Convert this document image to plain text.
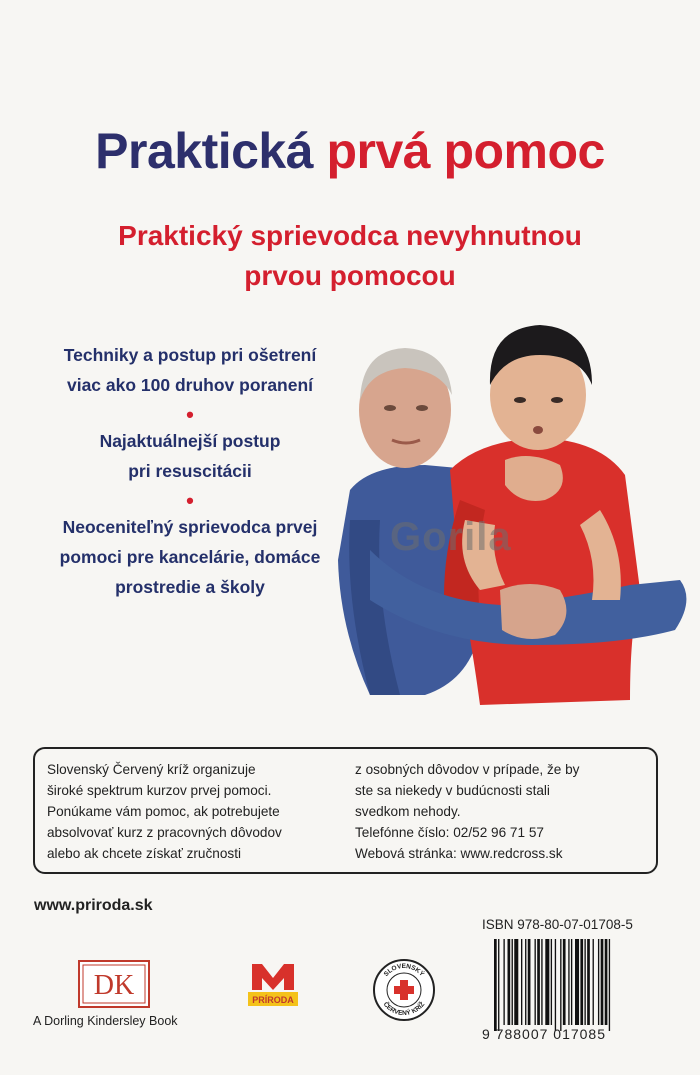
Praktická prvá pomoc
Praktický sprievodca nevyhnutnou
prvou pomocou
Techniky a postup pri ošetrení
viac ako 100 druhov poranení
•
Najaktuálnejší postup
pri resuscitácii
•
Neoceniteľný sprievodca prvej
pomoci pre kancelárie, domáce
prostredie a školy
Gorila
Slovenský Červený kríž organizuje
široké spektrum kurzov prvej pomoci.
Ponúkame vám pomoc, ak potrebujete
absolvovať kurz z pracovných dôvodov
alebo ak chcete získať zručnosti
z osobných dôvodov v prípade, že by
ste sa niekedy v budúcnosti stali
svedkom nehody.
Telefónne číslo: 02/52 96 71 57
Webová stránka: www.redcross.sk
www.priroda.sk
DK
A Dorling Kindersley Book
PRÍRODA
SLOVENSKÝ
ČERVENÝ KRÍŽ
ISBN 978-80-07-01708-5
9 788007 017085
